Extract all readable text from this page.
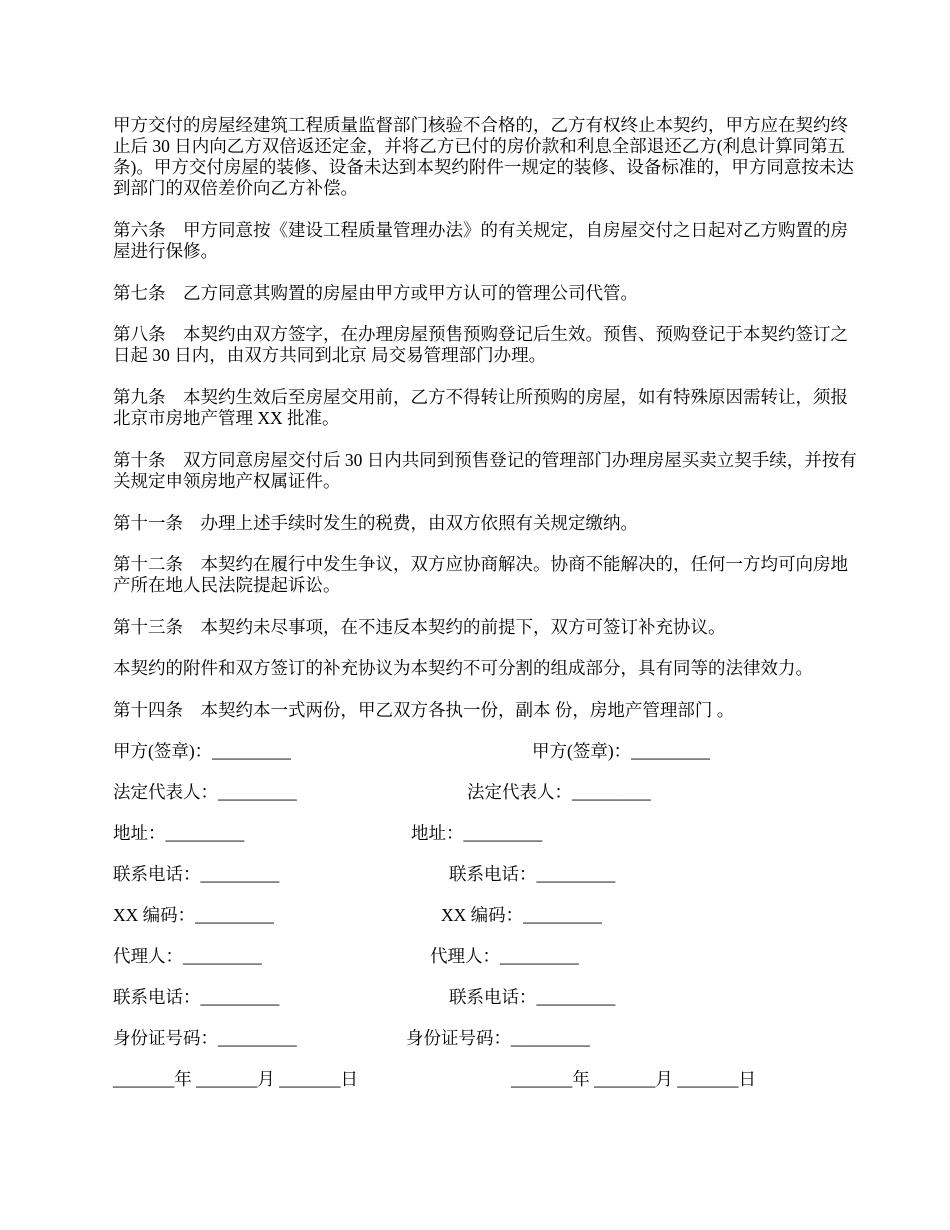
甲方交付的房屋经建筑工程质量监督部门核验不合格的，乙方有权终止本契约，甲方应在契约终止后 30 日内向乙方双倍返还定金，并将乙方已付的房价款和利息全部退还乙方(利息计算同第五条)。甲方交付房屋的装修、设备未达到本契约附件一规定的装修、设备标准的，甲方同意按未达到部门的双倍差价向乙方补偿。

第六条　甲方同意按《建设工程质量管理办法》的有关规定，自房屋交付之日起对乙方购置的房屋进行保修。

第七条　乙方同意其购置的房屋由甲方或甲方认可的管理公司代管。

第八条　本契约由双方签字，在办理房屋预售预购登记后生效。预售、预购登记于本契约签订之日起 30 日内，由双方共同到北京 局交易管理部门办理。

第九条　本契约生效后至房屋交用前，乙方不得转让所预购的房屋，如有特殊原因需转让，须报北京市房地产管理 XX 批准。

第十条　双方同意房屋交付后 30 日内共同到预售登记的管理部门办理房屋买卖立契手续，并按有关规定申领房地产权属证件。

第十一条　办理上述手续时发生的税费，由双方依照有关规定缴纳。

第十二条　本契约在履行中发生争议，双方应协商解决。协商不能解决的，任何一方均可向房地产所在地人民法院提起诉讼。

第十三条　本契约未尽事项，在不违反本契约的前提下，双方可签订补充协议。

本契约的附件和双方签订的补充协议为本契约不可分割的组成部分，具有同等的法律效力。

第十四条　本契约本一式两份，甲乙双方各执一份，副本 份，房地产管理部门 。

甲方(签章)：_________	甲方(签章)：_________
法定代表人：_________	法定代表人：_________
地址：_________	地址：_________
联系电话：_________	联系电话：_________
XX 编码：_________	XX 编码：_________
代理人：_________	代理人：_________
联系电话：_________	联系电话：_________
身份证号码：_________	身份证号码：_________
_______年 _______月 _______日	_______年 _______月 _______日
